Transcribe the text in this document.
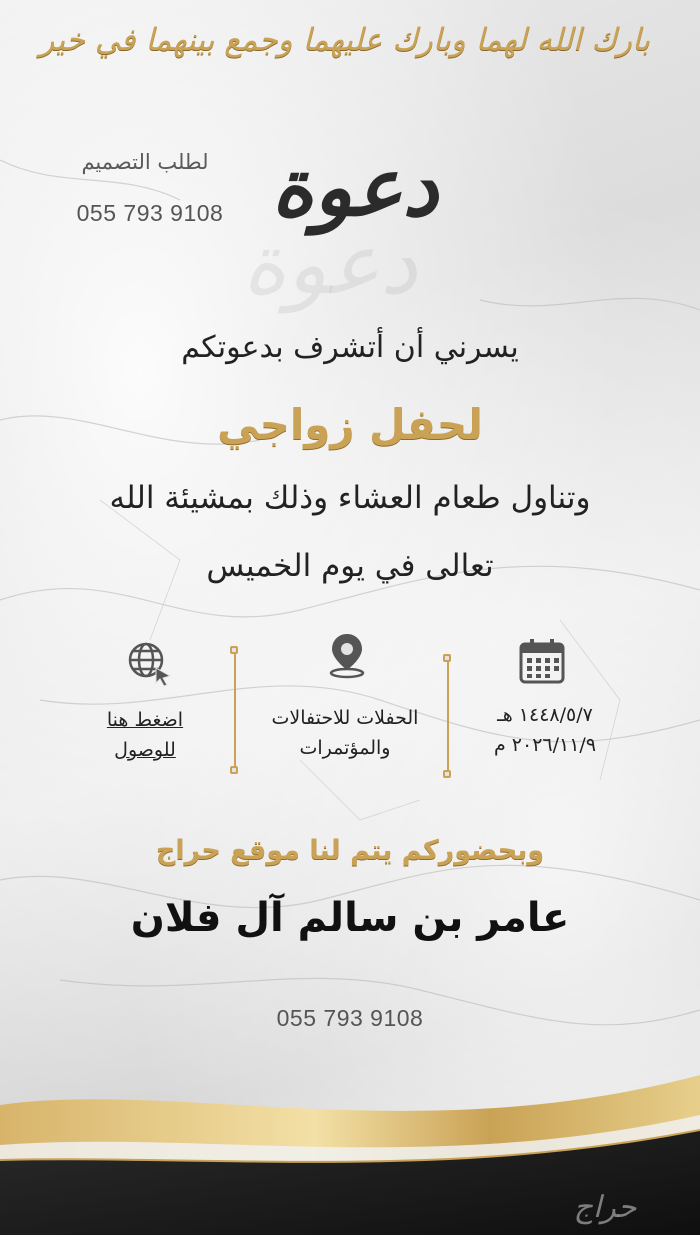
بارك الله لهما وبارك عليهما وجمع بينهما في خير
لطلب التصميم
055 793 9108
دعوة
دعوة
يسرني أن أتشرف بدعوتكم
لحفل زواجي
وتناول طعام العشاء وذلك بمشيئة الله
تعالى في يوم الخميس
١٤٤٨/٥/٧ هـ
٢٠٢٦/١١/٩ م
الحفلات للاحتفالات
والمؤتمرات
اضغط هنا
للوصول
وبحضوركم يتم لنا موقع حراج
عامر بن سالم آل فلان
055 793 9108
حراج
